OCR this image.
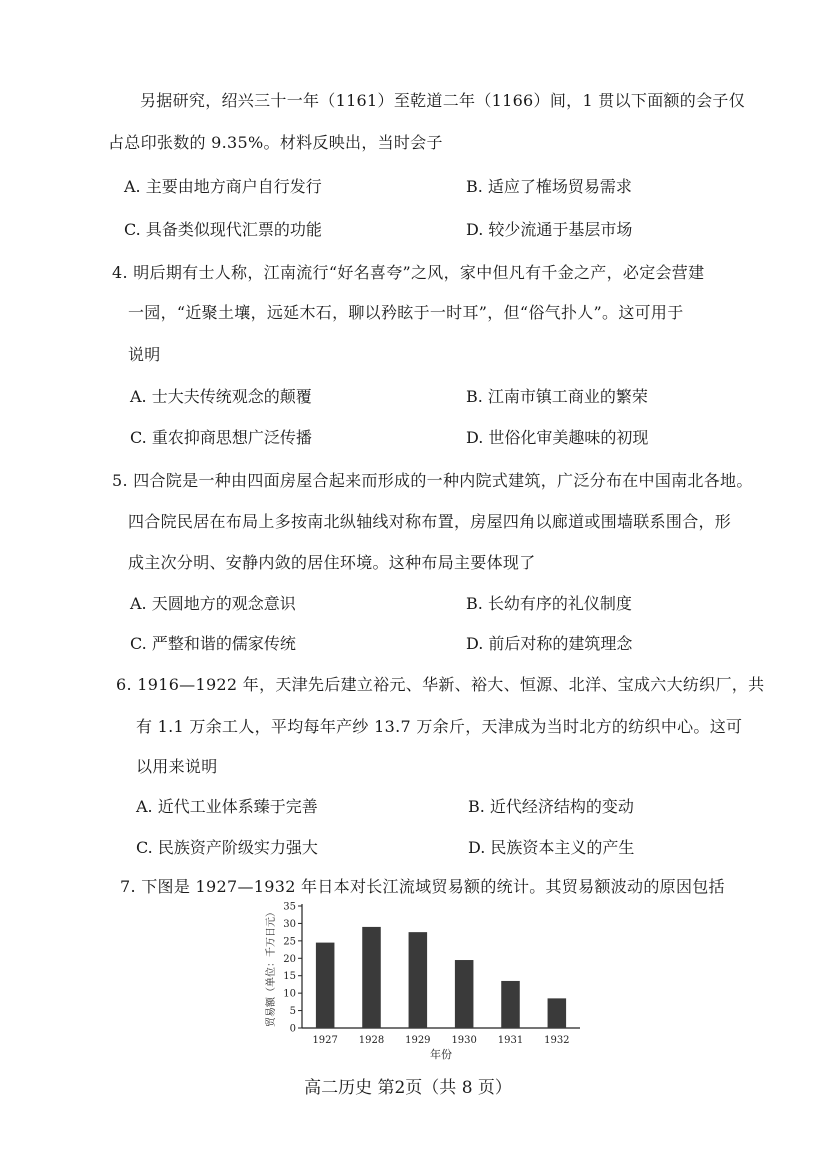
另据研究，绍兴三十一年（1161）至乾道二年（1166）间，1 贯以下面额的会子仅
占总印张数的 9.35%。材料反映出，当时会子
A. 主要由地方商户自行发行	B. 适应了榷场贸易需求
C. 具备类似现代汇票的功能	D. 较少流通于基层市场
4. 明后期有士人称，江南流行“好名喜夸”之风，家中但凡有千金之产，必定会营建
一园，“近聚土壤，远延木石，聊以矜眩于一时耳”，但“俗气扑人”。这可用于
说明
A. 士大夫传统观念的颠覆	B. 江南市镇工商业的繁荣
C. 重农抑商思想广泛传播	D. 世俗化审美趣味的初现
5. 四合院是一种由四面房屋合起来而形成的一种内院式建筑，广泛分布在中国南北各地。
四合院民居在布局上多按南北纵轴线对称布置，房屋四角以廊道或围墙联系围合，形
成主次分明、安静内敛的居住环境。这种布局主要体现了
A. 天圆地方的观念意识	B. 长幼有序的礼仪制度
C. 严整和谐的儒家传统	D. 前后对称的建筑理念
6. 1916—1922 年，天津先后建立裕元、华新、裕大、恒源、北洋、宝成六大纺织厂，共
有 1.1 万余工人，平均每年产纱 13.7 万余斤，天津成为当时北方的纺织中心。这可
以用来说明
A. 近代工业体系臻于完善	B. 近代经济结构的变动
C. 民族资产阶级实力强大	D. 民族资本主义的产生
7. 下图是 1927—1932 年日本对长江流域贸易额的统计。其贸易额波动的原因包括
0
5
10
15
20
25
30
35
1927 1928 1929 1930 1931 1932
年份
贸易额（单位：千万日元）
高二历史 第2页（共 8 页）
